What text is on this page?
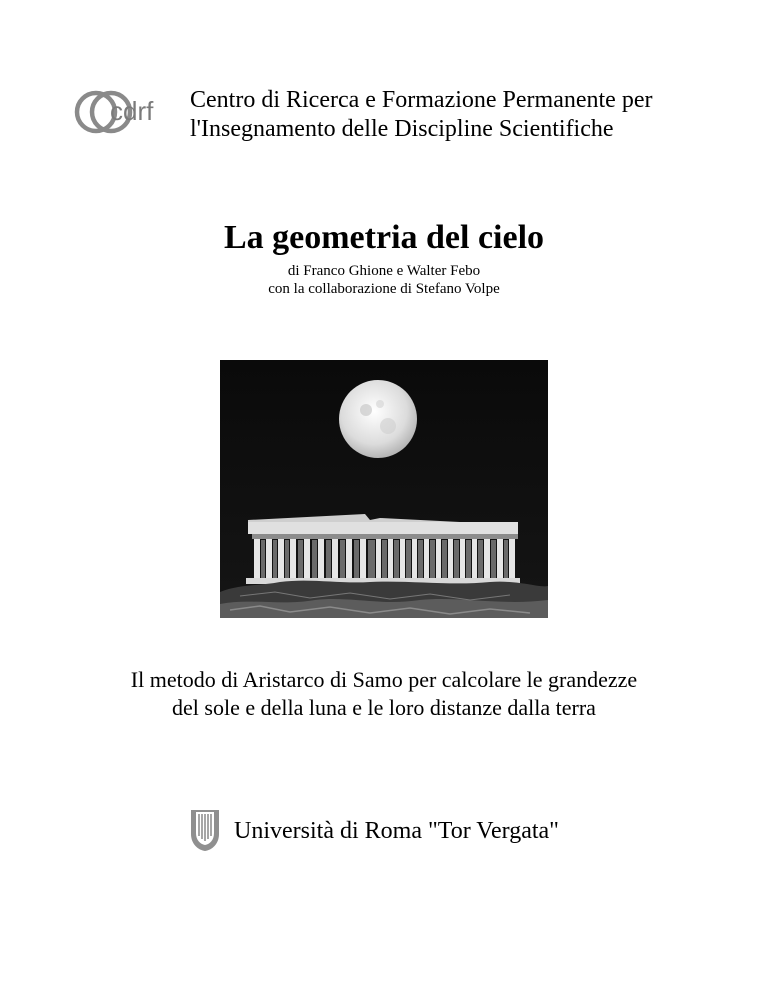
cdrf Centro di Ricerca e Formazione Permanente per
l'Insegnamento delle Discipline Scientifiche
La geometria del cielo
di Franco Ghione e Walter Febo
con la collaborazione di Stefano Volpe
Il metodo di Aristarco di Samo per calcolare le grandezze
del sole e della luna e le loro distanze dalla terra
Università di Roma "Tor Vergata"
